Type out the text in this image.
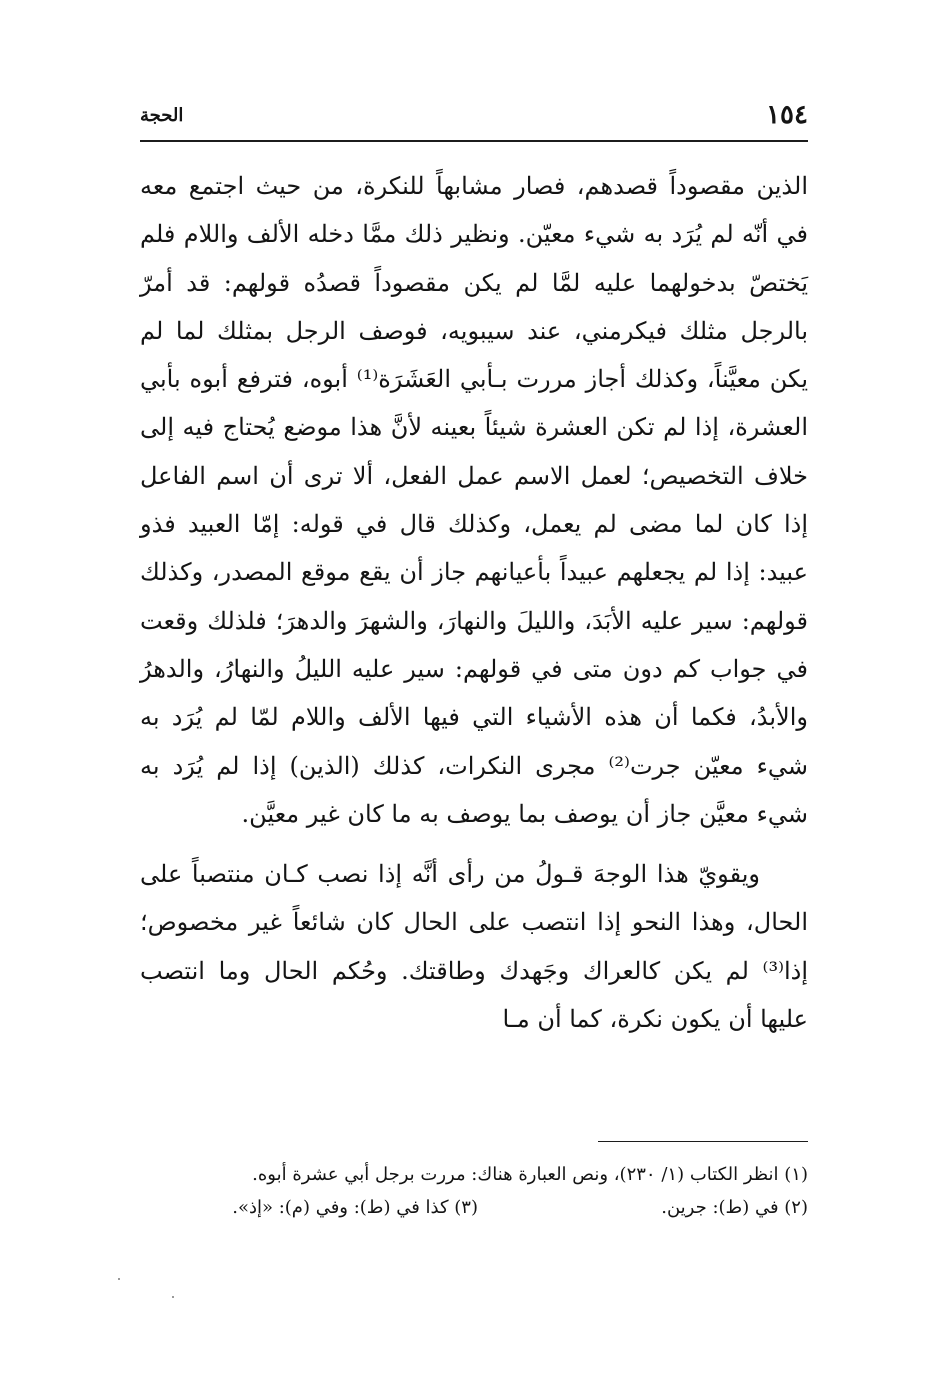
١٥٤
الحجة

الذين مقصوداً قصدهم، فصار مشابهاً للنكرة، من حيث اجتمع معه في أنّه لم يُرَد به شيء معيّن. ونظير ذلك ممَّا دخله الألف واللام فلم يَختصّ بدخولهما عليه لمَّا لم يكن مقصوداً قصدُه قولهم: قد أمرّ بالرجل مثلك فيكرمني، عند سيبويه، فوصف الرجل بمثلك لما لم يكن معيَّناً، وكذلك أجاز مررت بـأبي العَشَرَة⁽¹⁾ أبوه، فترفع أبوه بأبي العشرة، إذا لم تكن العشرة شيئاً بعينه لأنَّ هذا موضع يُحتاج فيه إلى خلاف التخصيص؛ لعمل الاسم عمل الفعل، ألا ترى أن اسم الفاعل إذا كان لما مضى لم يعمل، وكذلك قال في قوله: إمّا العبيد فذو عبيد: إذا لم يجعلهم عبيداً بأعيانهم جاز أن يقع موقع المصدر، وكذلك قولهم: سير عليه الأبَدَ، والليلَ والنهارَ، والشهرَ والدهرَ؛ فلذلك وقعت في جواب كم دون متى في قولهم: سير عليه الليلُ والنهارُ، والدهرُ والأبدُ، فكما أن هذه الأشياء التي فيها الألف واللام لمّا لم يُرَد به شيء معيّن جرت⁽²⁾ مجرى النكرات، كذلك (الذين) إذا لم يُرَد به شيء معيَّن جاز أن يوصف بما يوصف به ما كان غير معيَّن.

ويقويّ هذا الوجهَ قـولُ من رأى أنَّه إذا نصب كـان منتصباً على الحال، وهذا النحو إذا انتصب على الحال كان شائعاً غير مخصوص؛ إذا⁽³⁾ لم يكن كالعراك وجَهدك وطاقتك. وحُكم الحال وما انتصب عليها أن يكون نكرة، كما أن مـا

(١) انظر الكتاب (١/ ٢٣٠)، ونص العبارة هناك: مررت برجل أبي عشرة أبوه.

(٢) في (ط): جرين.

(٣) كذا في (ط): وفي (م): «إذ».
